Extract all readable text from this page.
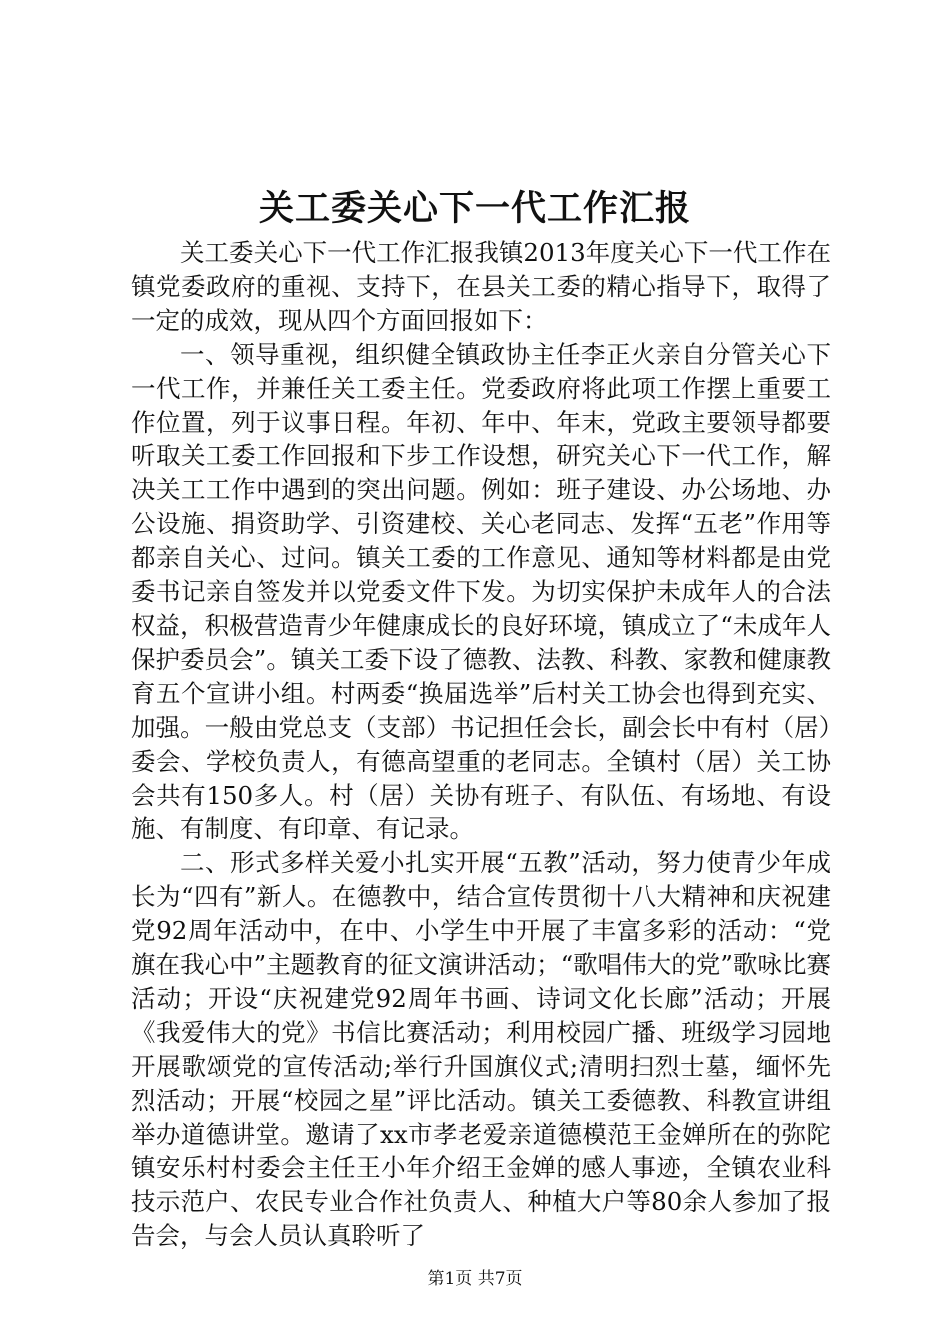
关工委关心下一代工作汇报

关工委关心下一代工作汇报我镇2013年度关心下一代工作在镇党委政府的重视、支持下，在县关工委的精心指导下，取得了一定的成效，现从四个方面回报如下：

一、领导重视，组织健全镇政协主任李正火亲自分管关心下一代工作，并兼任关工委主任。党委政府将此项工作摆上重要工作位置，列于议事日程。年初、年中、年末，党政主要领导都要听取关工委工作回报和下步工作设想，研究关心下一代工作，解决关工工作中遇到的突出问题。例如：班子建设、办公场地、办公设施、捐资助学、引资建校、关心老同志、发挥“五老”作用等都亲自关心、过问。镇关工委的工作意见、通知等材料都是由党委书记亲自签发并以党委文件下发。为切实保护未成年人的合法权益，积极营造青少年健康成长的良好环境，镇成立了“未成年人保护委员会”。镇关工委下设了德教、法教、科教、家教和健康教育五个宣讲小组。村两委“换届选举”后村关工协会也得到充实、加强。一般由党总支（支部）书记担任会长，副会长中有村（居）委会、学校负责人，有德高望重的老同志。全镇村（居）关工协会共有150多人。村（居）关协有班子、有队伍、有场地、有设施、有制度、有印章、有记录。

二、形式多样关爱小扎实开展“五教”活动，努力使青少年成长为“四有”新人。在德教中，结合宣传贯彻十八大精神和庆祝建党92周年活动中，在中、小学生中开展了丰富多彩的活动：“党旗在我心中”主题教育的征文演讲活动；“歌唱伟大的党”歌咏比赛活动；开设“庆祝建党92周年书画、诗词文化长廊”活动；开展《我爱伟大的党》书信比赛活动；利用校园广播、班级学习园地开展歌颂党的宣传活动;举行升国旗仪式;清明扫烈士墓，缅怀先烈活动；开展“校园之星”评比活动。镇关工委德教、科教宣讲组举办道德讲堂。邀请了xx市孝老爱亲道德模范王金婵所在的弥陀镇安乐村村委会主任王小年介绍王金婵的感人事迹，全镇农业科技示范户、农民专业合作社负责人、种植大户等80余人参加了报告会，与会人员认真聆听了

第1页 共7页
